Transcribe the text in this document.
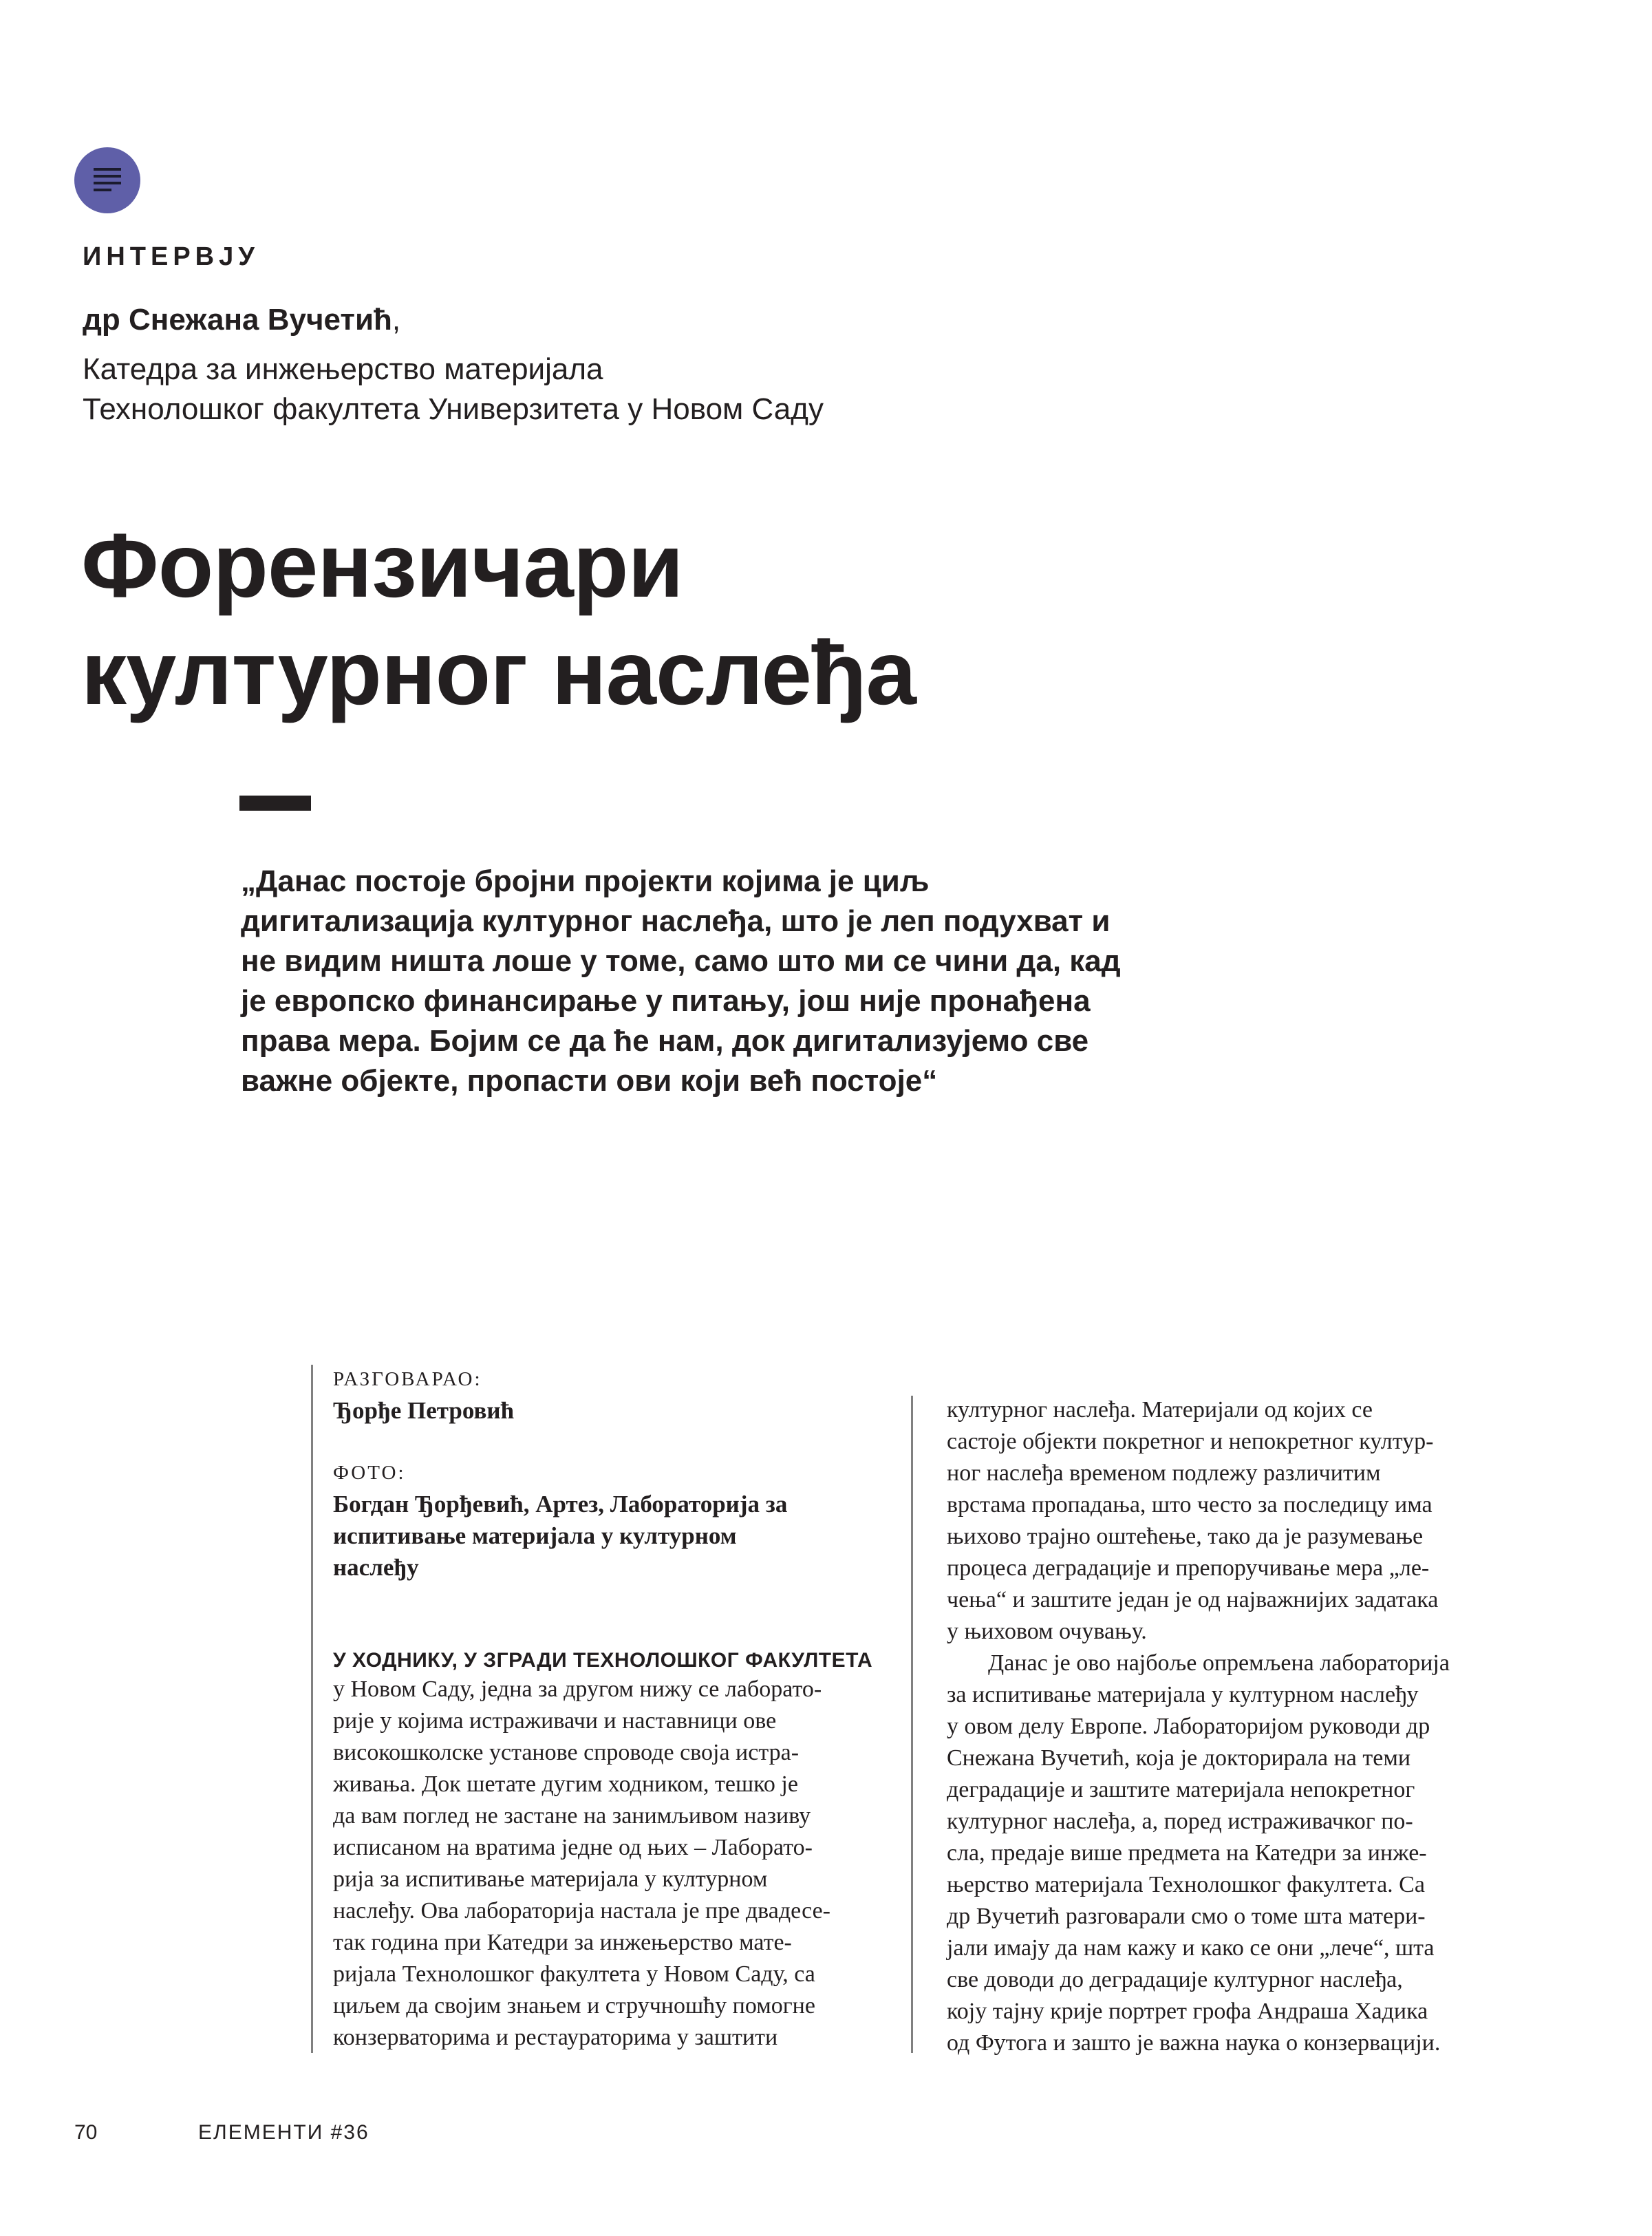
ИНТЕРВЈУ
др Снежана Вучетић,
Катедра за инжењерство материјала
Технолошког факултета Универзитета у Новом Саду
Форензичари
културног наслеђа
„Данас постоје бројни пројекти којима је циљ
дигитализација културног наслеђа, што је леп подухват и
не видим ништа лоше у томе, само што ми се чини да, кад
је европско финансирање у питању, још није пронађена
права мера. Бојим се да ће нам, док дигитализујемо све
важне објекте, пропасти ови који већ постоје“
РАЗГОВАРАО:
Ђорђе Петровић
ФОТО:
Богдан Ђорђевић, Артез, Лабораторија за
испитивање материјала у културном
наслеђу
У ХОДНИКУ, У ЗГРАДИ ТЕХНОЛОШКОГ ФАКУЛТЕТА
у Новом Саду, једна за другом нижу се лаборато-
рије у којима истраживачи и наставници ове
високошколске установе спроводе своја истра-
живања. Док шетате дугим ходником, тешко је
да вам поглед не застане на занимљивом називу
исписаном на вратима једне од њих – Лаборато-
рија за испитивање материјала у културном
наслеђу. Ова лабораторија настала је пре двадесе-
так година при Катедри за инжењерство мате-
ријала Технолошког факултета у Новом Саду, са
циљем да својим знањем и стручношћу помогне
конзерваторима и рестаураторима у заштити
културног наслеђа. Материјали од којих се
састоје објекти покретног и непокретног култур-
ног наслеђа временом подлежу различитим
врстама пропадања, што често за последицу има
њихово трајно оштећење, тако да је разумевање
процеса деградације и препоручивање мера „ле-
чења“ и заштите један је од најважнијих задатака
у њиховом очувању.
Данас је ово најбоље опремљена лабораторија
за испитивање материјала у културном наслеђу
у овом делу Европе. Лабораторијом руководи др
Снежана Вучетић, која је докторирала на теми
деградације и заштите материјала непокретног
културног наслеђа, а, поред истраживачког по-
сла, предаје више предмета на Катедри за инже-
њерство материјала Технолошког факултета. Са
др Вучетић разговарали смо о томе шта матери-
јали имају да нам кажу и како се они „лече“, шта
све доводи до деградације културног наслеђа,
коју тајну крије портрет грофа Андраша Хадика
од Футога и зашто је важна наука о конзервацији.
70	ЕЛЕМЕНТИ #36
